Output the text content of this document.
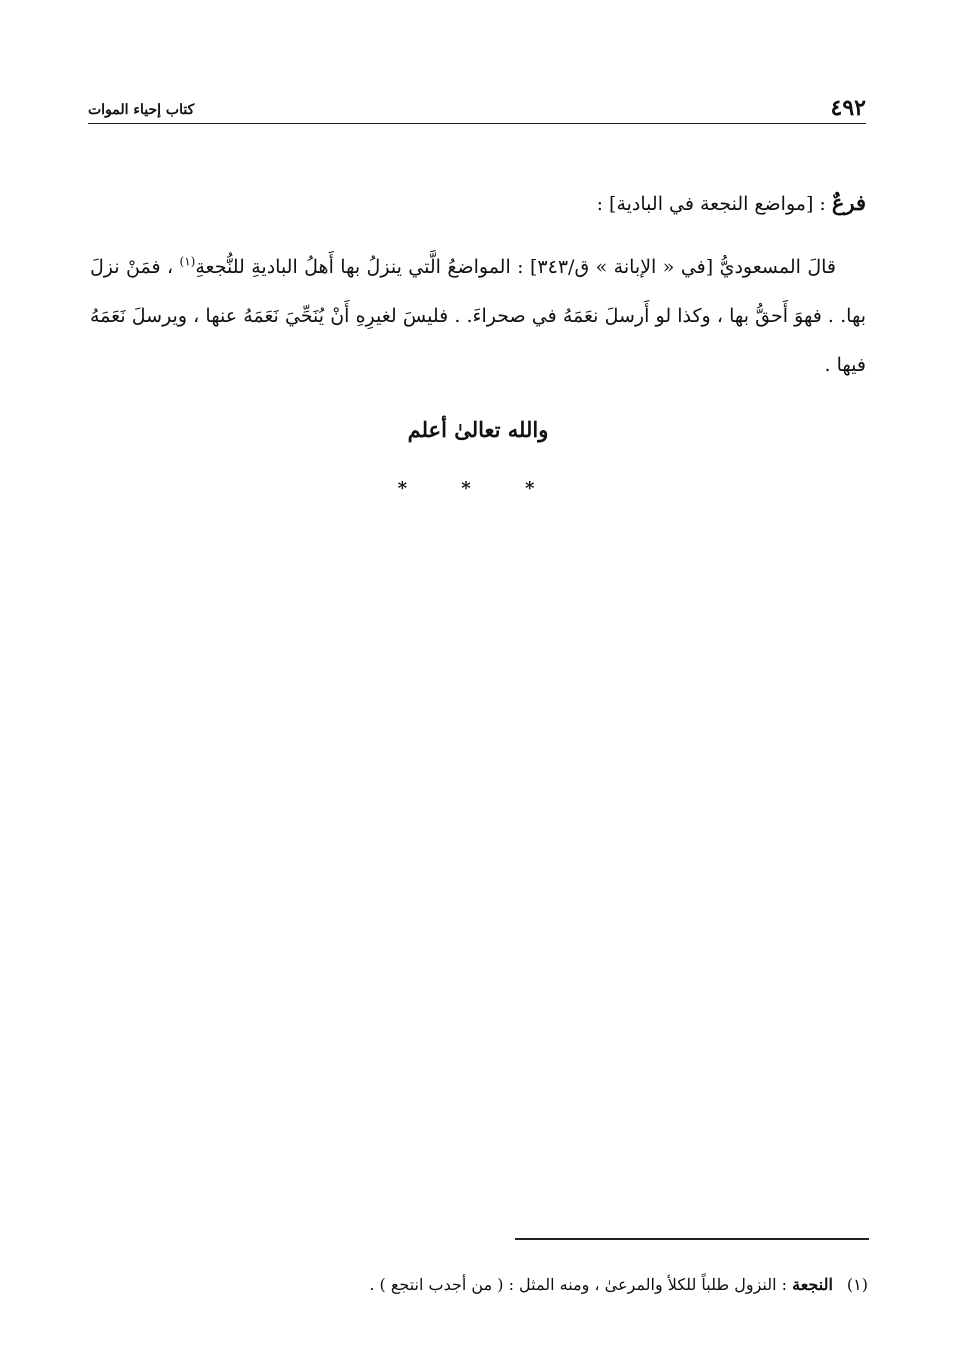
٤٩٢
كتاب إحياء الموات

فرعٌ : [مواضع النجعة في البادية] :

قالَ المسعوديُّ [في « الإبانة » ق/٣٤٣] : المواضعُ الَّتي ينزلُ بها أَهلُ الباديةِ للنُّجعةِ$^{(١)}$ ، فمَنْ نزلَ بها. . فهوَ أَحقُّ بها ، وكذا لو أَرسلَ نعَمَهُ في صحراءَ. . فليسَ لغيرِهِ أَنْ يُنَحِّيَ نَعَمَهُ عنها ، ويرسلَ نَعَمَهُ فيها .

والله تعالىٰ أعلم
* * *
(١)النجعة : النزول طلباً للكلأ والمرعىٰ ، ومنه المثل : ( من أجدب انتجع ) .
